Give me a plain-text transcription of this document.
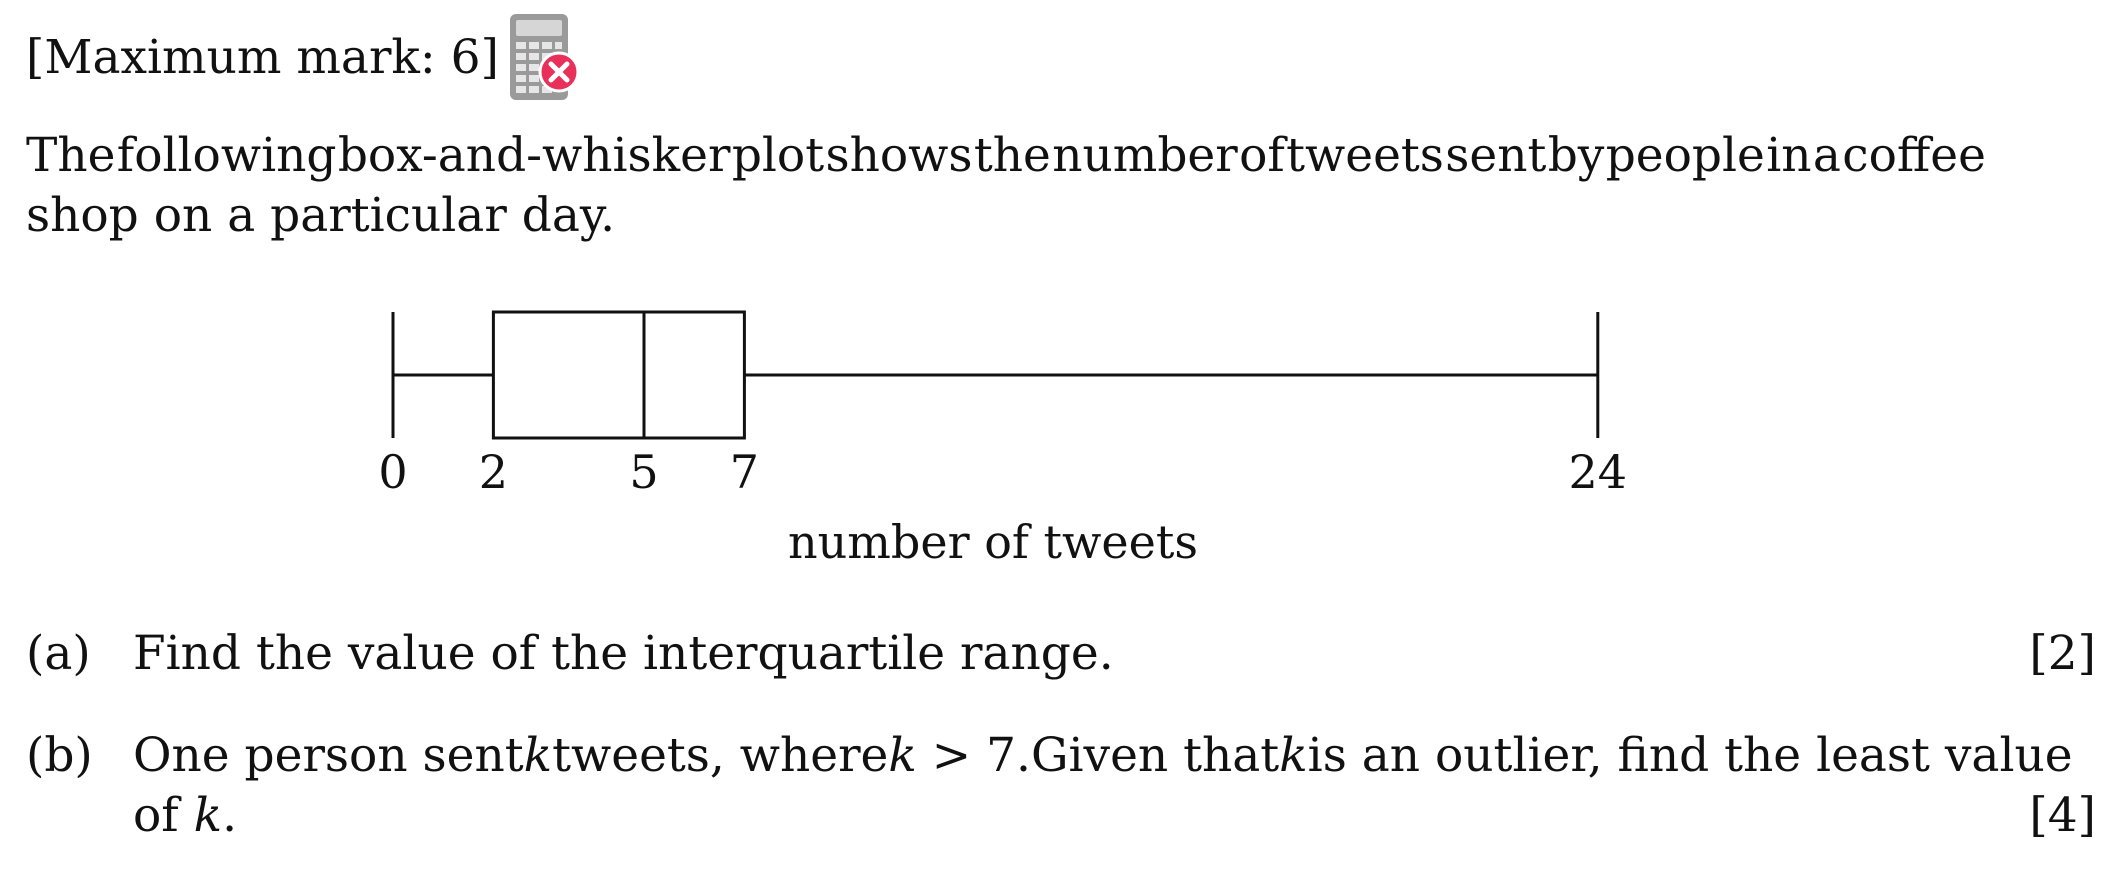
[Maximum mark: 6]
The following box-and-whisker plot shows the number of tweets sent by people in a coffee
shop on a particular day.
0 2	5 7	24
number of tweets
(a) Find the value of the interquartile range.	[2]
(b) One person sent k tweets, where k > 7. Given that k is an outlier, find the least value
of k.	[4]
